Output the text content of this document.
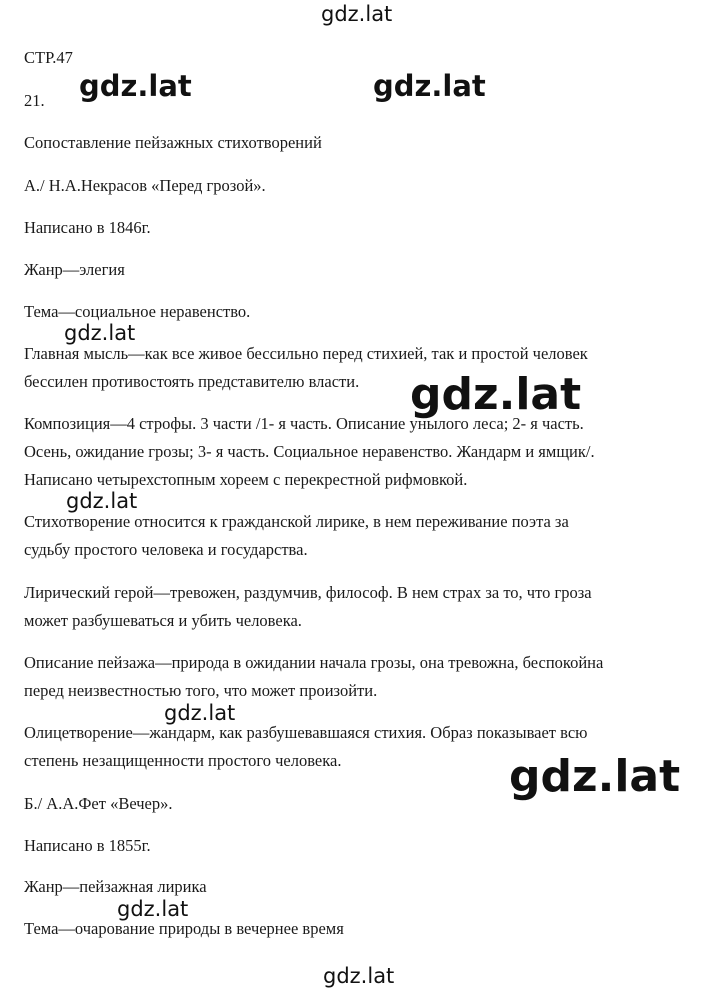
СТР.47
21.
Сопоставление пейзажных стихотворений
А./ Н.А.Некрасов «Перед грозой».
Написано в 1846г.
Жанр—элегия
Тема—социальное неравенство.
Главная мысль—как все живое бессильно перед стихией, так и простой человек
бессилен противостоять представителю власти.
Композиция—4 строфы. 3 части /1- я часть. Описание унылого леса; 2- я часть.
Осень, ожидание грозы; 3- я часть. Социальное неравенство. Жандарм и ямщик/.
Написано четырехстопным хореем с перекрестной рифмовкой.
Стихотворение относится к гражданской лирике, в нем переживание поэта за
судьбу простого человека и государства.
Лирический герой—тревожен, раздумчив, философ. В нем страх за то, что гроза
может разбушеваться и убить человека.
Описание пейзажа—природа в ожидании начала грозы, она тревожна, беспокойна
перед неизвестностью того, что может произойти.
Олицетворение—жандарм, как разбушевавшаяся стихия. Образ показывает всю
степень незащищенности простого человека.
Б./ А.А.Фет «Вечер».
Написано в 1855г.
Жанр—пейзажная лирика
Тема—очарование природы в вечернее время
gdz.lat
gdz.lat	gdz.lat
gdz.lat
gdz.lat
gdz.lat
gdz.lat
gdz.lat
gdz.lat
gdz.lat
